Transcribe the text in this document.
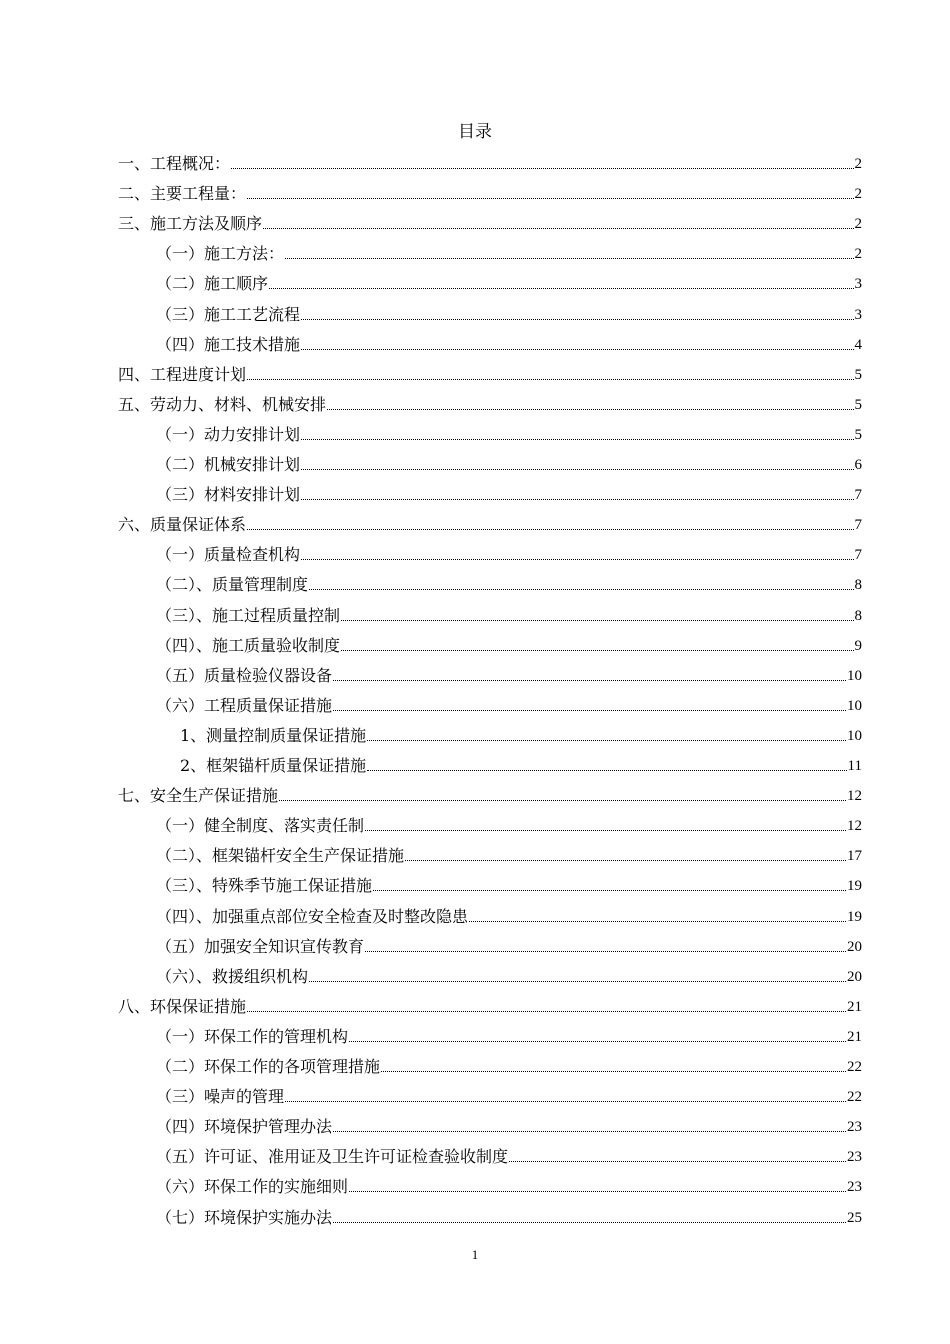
目录
一、工程概况：	2
二、主要工程量：	2
三、施工方法及顺序	2
（一）施工方法：	2
（二）施工顺序	3
（三）施工工艺流程	3
（四）施工技术措施	4
四、工程进度计划	5
五、劳动力、材料、机械安排	5
（一）动力安排计划	5
（二）机械安排计划	6
（三）材料安排计划	7
六、质量保证体系	7
（一）质量检查机构	7
（二）、质量管理制度	8
（三）、施工过程质量控制	8
（四）、施工质量验收制度	9
（五）质量检验仪器设备	10
（六）工程质量保证措施	10
1、测量控制质量保证措施	10
2、框架锚杆质量保证措施	11
七、安全生产保证措施	12
（一）健全制度、落实责任制	12
（二）、框架锚杆安全生产保证措施	17
（三）、特殊季节施工保证措施	19
（四）、加强重点部位安全检查及时整改隐患	19
（五）加强安全知识宣传教育	20
（六）、救援组织机构	20
八、环保保证措施	21
（一）环保工作的管理机构	21
（二）环保工作的各项管理措施	22
（三）噪声的管理	22
（四）环境保护管理办法	23
（五）许可证、准用证及卫生许可证检查验收制度	23
（六）环保工作的实施细则	23
（七）环境保护实施办法	25
1
